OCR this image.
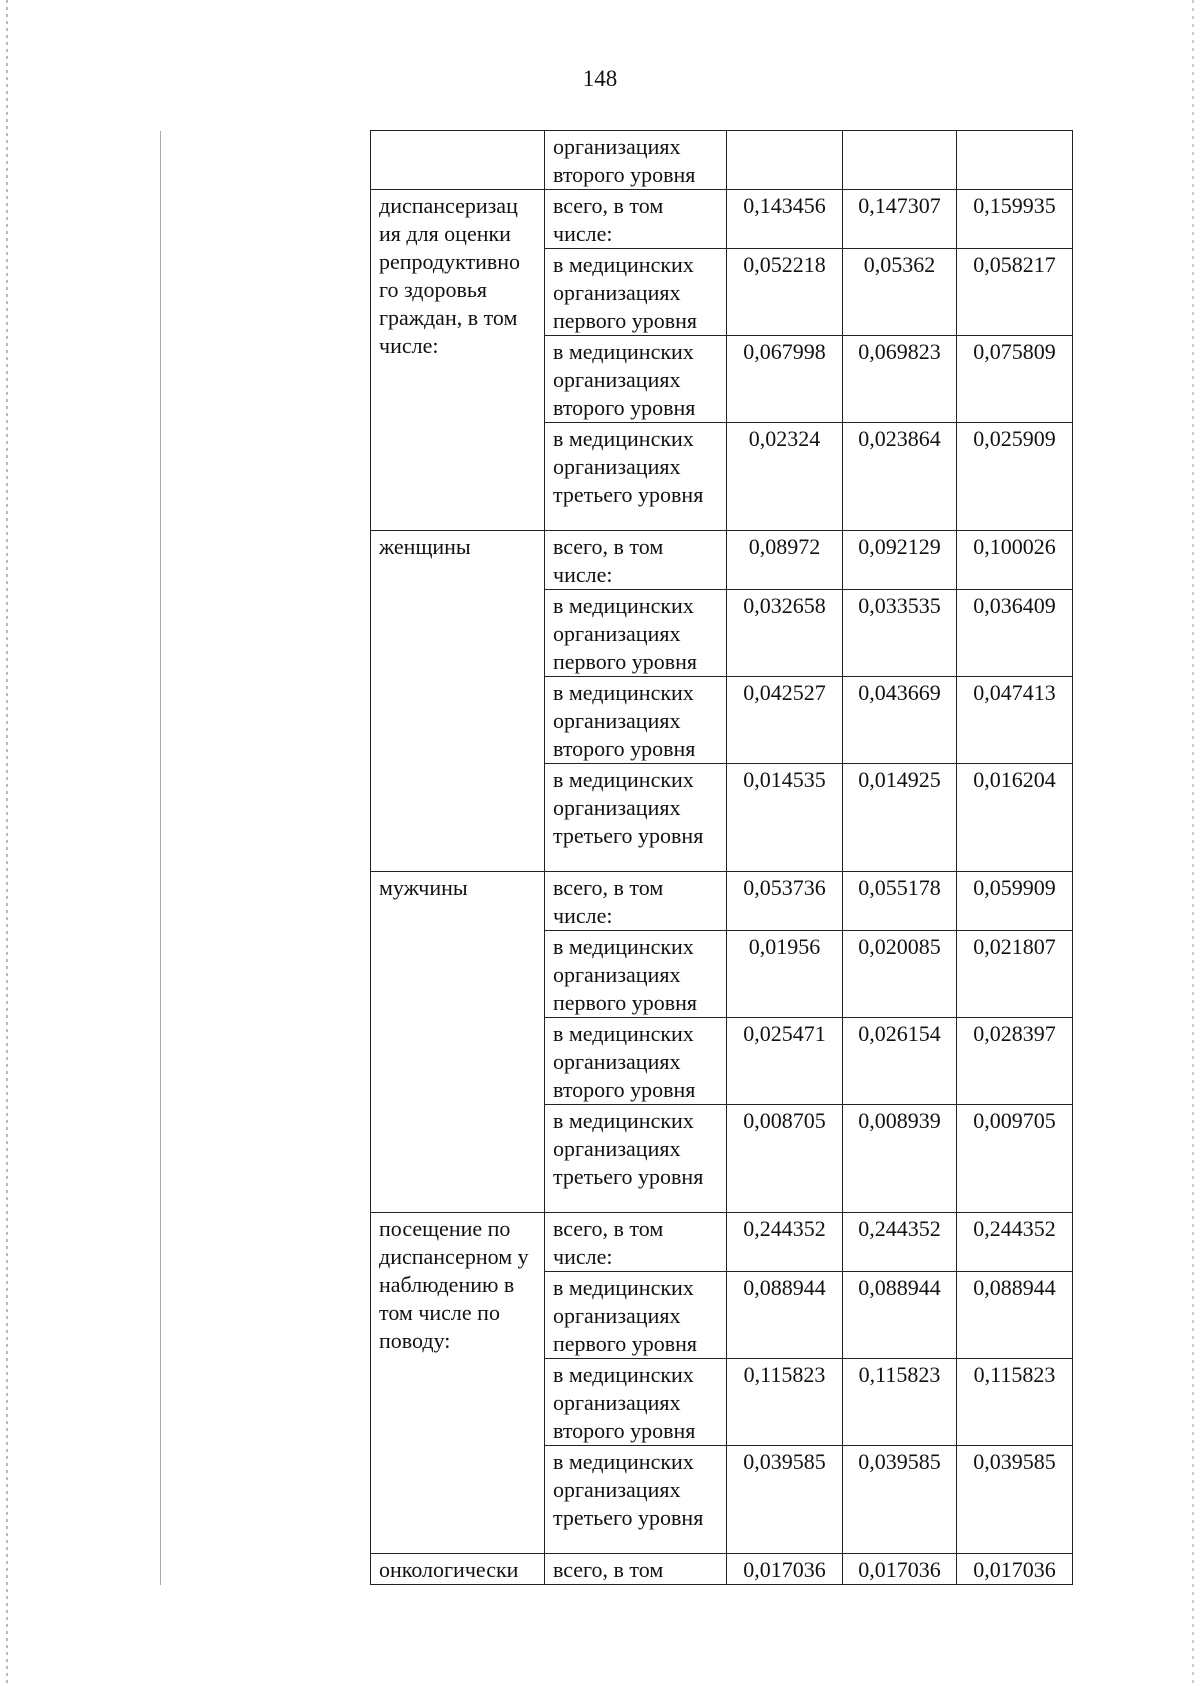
148
		организациях второго уровня			
	диспансеризац ия для оценки репродуктивно го здоровья граждан, в том числе:	всего, в том числе:	0,143456	0,147307	0,159935
		в медицинских организациях первого уровня	0,052218	0,05362	0,058217
		в медицинских организациях второго уровня	0,067998	0,069823	0,075809
		в медицинских организациях третьего уровня	0,02324	0,023864	0,025909
	женщины	всего, в том числе:	0,08972	0,092129	0,100026
		в медицинских организациях первого уровня	0,032658	0,033535	0,036409
		в медицинских организациях второго уровня	0,042527	0,043669	0,047413
		в медицинских организациях третьего уровня	0,014535	0,014925	0,016204
	мужчины	всего, в том числе:	0,053736	0,055178	0,059909
		в медицинских организациях первого уровня	0,01956	0,020085	0,021807
		в медицинских организациях второго уровня	0,025471	0,026154	0,028397
		в медицинских организациях третьего уровня	0,008705	0,008939	0,009705
	посещение по диспансерном у наблюдению в том числе по поводу:	всего, в том числе:	0,244352	0,244352	0,244352
		в медицинских организациях первого уровня	0,088944	0,088944	0,088944
		в медицинских организациях второго уровня	0,115823	0,115823	0,115823
		в медицинских организациях третьего уровня	0,039585	0,039585	0,039585
	онкологически	всего, в том	0,017036	0,017036	0,017036
